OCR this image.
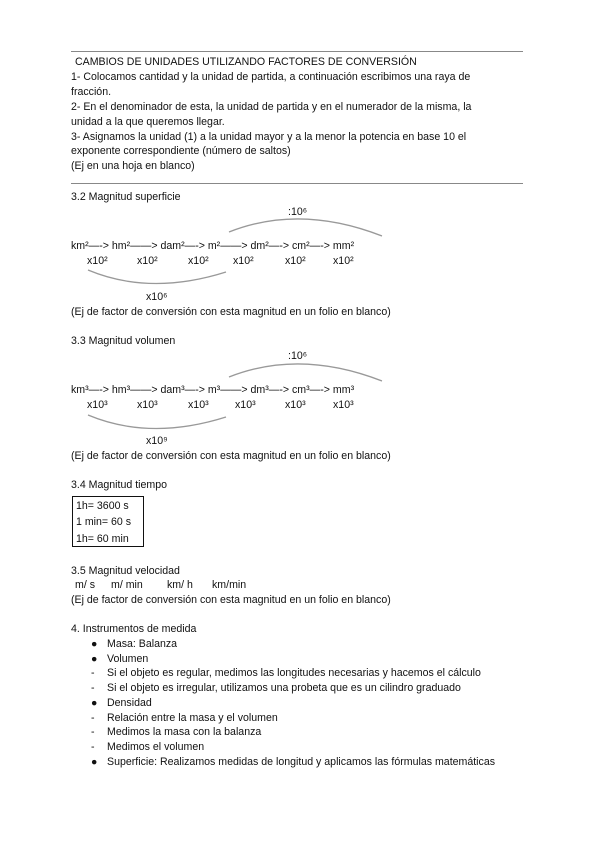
CAMBIOS DE UNIDADES UTILIZANDO FACTORES DE CONVERSIÓN
1- Colocamos cantidad y la unidad de partida, a continuación escribimos una raya de
fracción.
2- En el denominador de esta, la unidad de partida y en el numerador de la misma, la
unidad a la que queremos llegar.
3- Asignamos la unidad (1) a la unidad mayor y a la menor la potencia en base 10 el
exponente correspondiente (número de saltos)
(Ej en una hoja en blanco)
3.2 Magnitud superficie
:10⁶
km²—-> hm²——> dam²—-> m²——> dm²—-> cm²—-> mm²
x10²	x10²	x10² x10²	x10²	x10²
x10⁶
(Ej de factor de conversión con esta magnitud en un folio en blanco)
3.3 Magnitud volumen
:10⁶
km³—-> hm³——> dam³—-> m³——> dm³—-> cm³—-> mm³
x10³	x10³	x10³ x10³	x10³	x10³
x10⁹
(Ej de factor de conversión con esta magnitud en un folio en blanco)
3.4 Magnitud tiempo
1h= 3600 s
1 min= 60 s
1h= 60 min
3.5 Magnitud velocidad
m/ s m/ min km/ h km/min
(Ej de factor de conversión con esta magnitud en un folio en blanco)
4. Instrumentos de medida
● Masa: Balanza
● Volumen
- Si el objeto es regular, medimos las longitudes necesarias y hacemos el cálculo
- Si el objeto es irregular, utilizamos una probeta que es un cilindro graduado
● Densidad
- Relación entre la masa y el volumen
- Medimos la masa con la balanza
- Medimos el volumen
● Superficie: Realizamos medidas de longitud y aplicamos las fórmulas matemáticas
